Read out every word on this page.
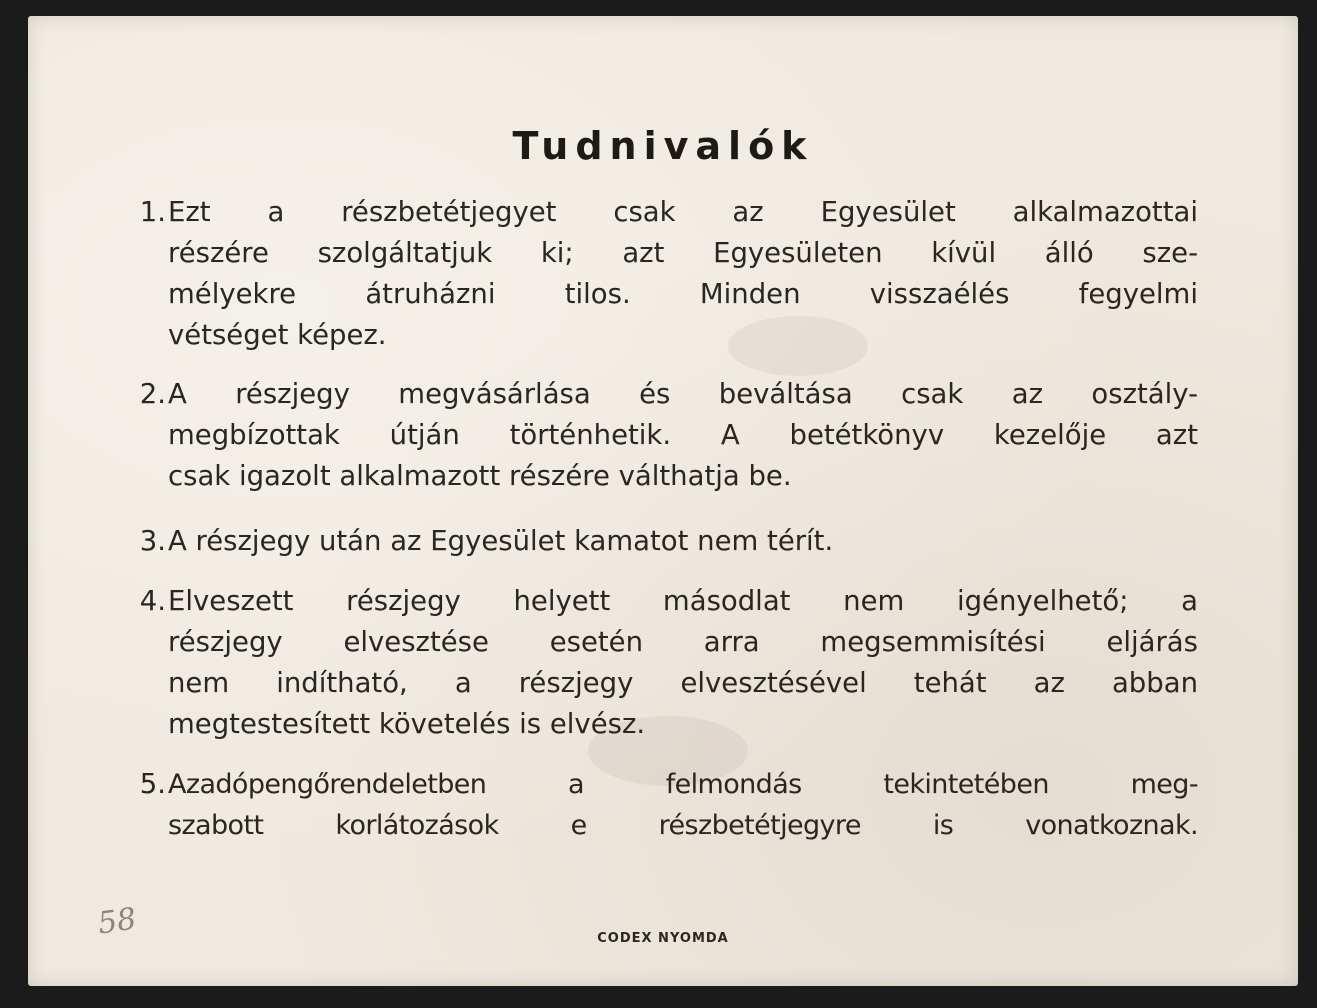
Tudnivalók
1. Ezt a részbetétjegyet csak az Egyesület alkalmazottai
részére szolgáltatjuk ki; azt Egyesületen kívül álló sze-
mélyekre átruházni tilos. Minden visszaélés fegyelmi
vétséget képez.
2. A részjegy megvásárlása és beváltása csak az osztály-
megbízottak útján történhetik. A betétkönyv kezelője azt
csak igazolt alkalmazott részére válthatja be.
3. A részjegy után az Egyesület kamatot nem térít.
4. Elveszett részjegy helyett másodlat nem igényelhető; a
részjegy elvesztése esetén arra megsemmisítési eljárás
nem indítható, a részjegy elvesztésével tehát az abban
megtestesített követelés is elvész.
5. Azadópengőrendeletben a felmondás tekintetében meg-
szabott korlátozások e részbetétjegyre is vonatkoznak.
58	CODEX NYOMDA
